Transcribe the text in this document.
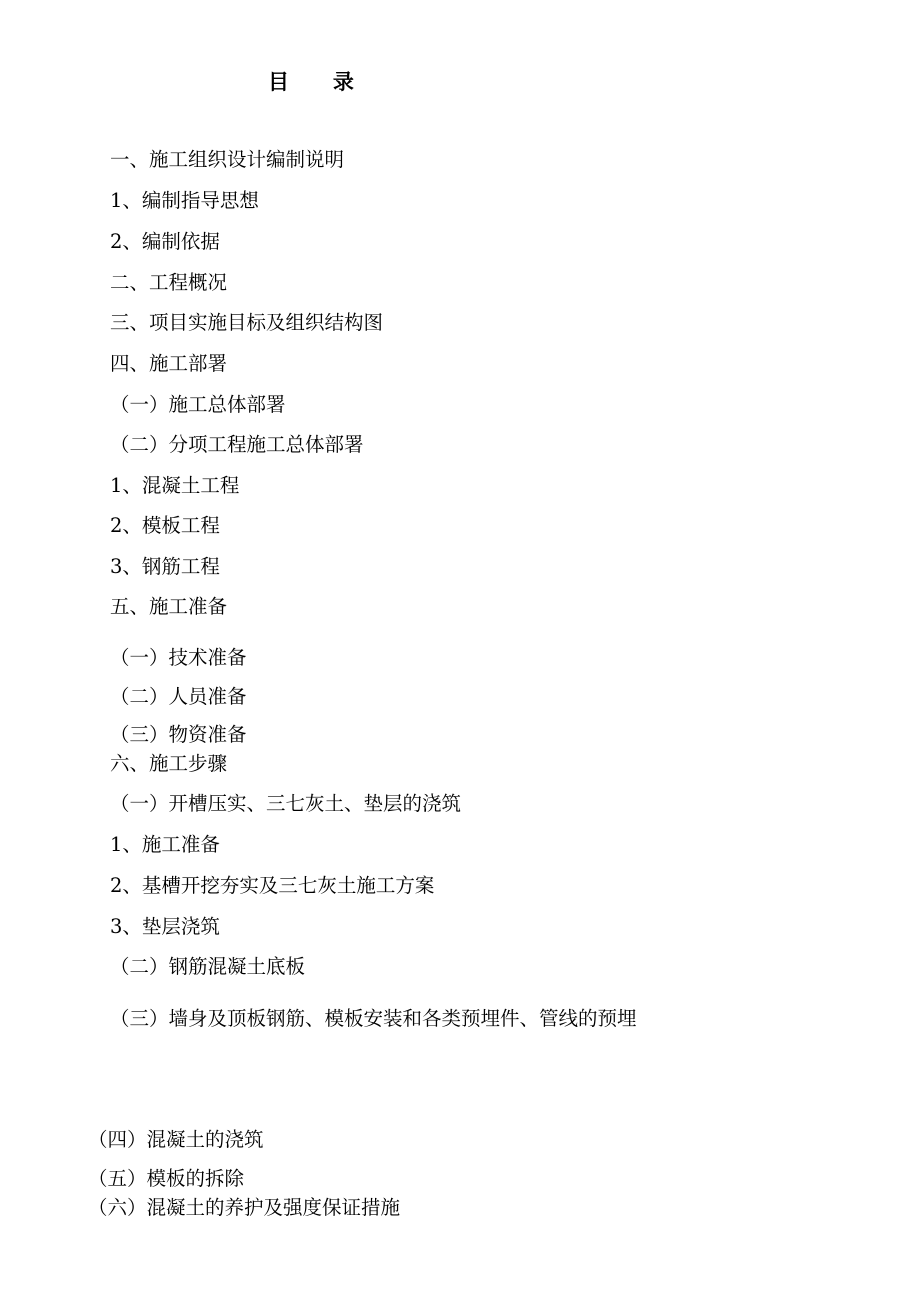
目      录
一、施工组织设计编制说明
1、编制指导思想
2、编制依据
二、工程概况
三、项目实施目标及组织结构图
四、施工部署
（一）施工总体部署
（二）分项工程施工总体部署
1、混凝土工程
2、模板工程
3、钢筋工程
五、施工准备
（一）技术准备
（二）人员准备
（三）物资准备
六、施工步骤
（一）开槽压实、三七灰土、垫层的浇筑
1、施工准备
2、基槽开挖夯实及三七灰土施工方案
3、垫层浇筑
（二）钢筋混凝土底板
（三）墙身及顶板钢筋、模板安装和各类预埋件、管线的预埋
（四）混凝土的浇筑
（五）模板的拆除
（六）混凝土的养护及强度保证措施
